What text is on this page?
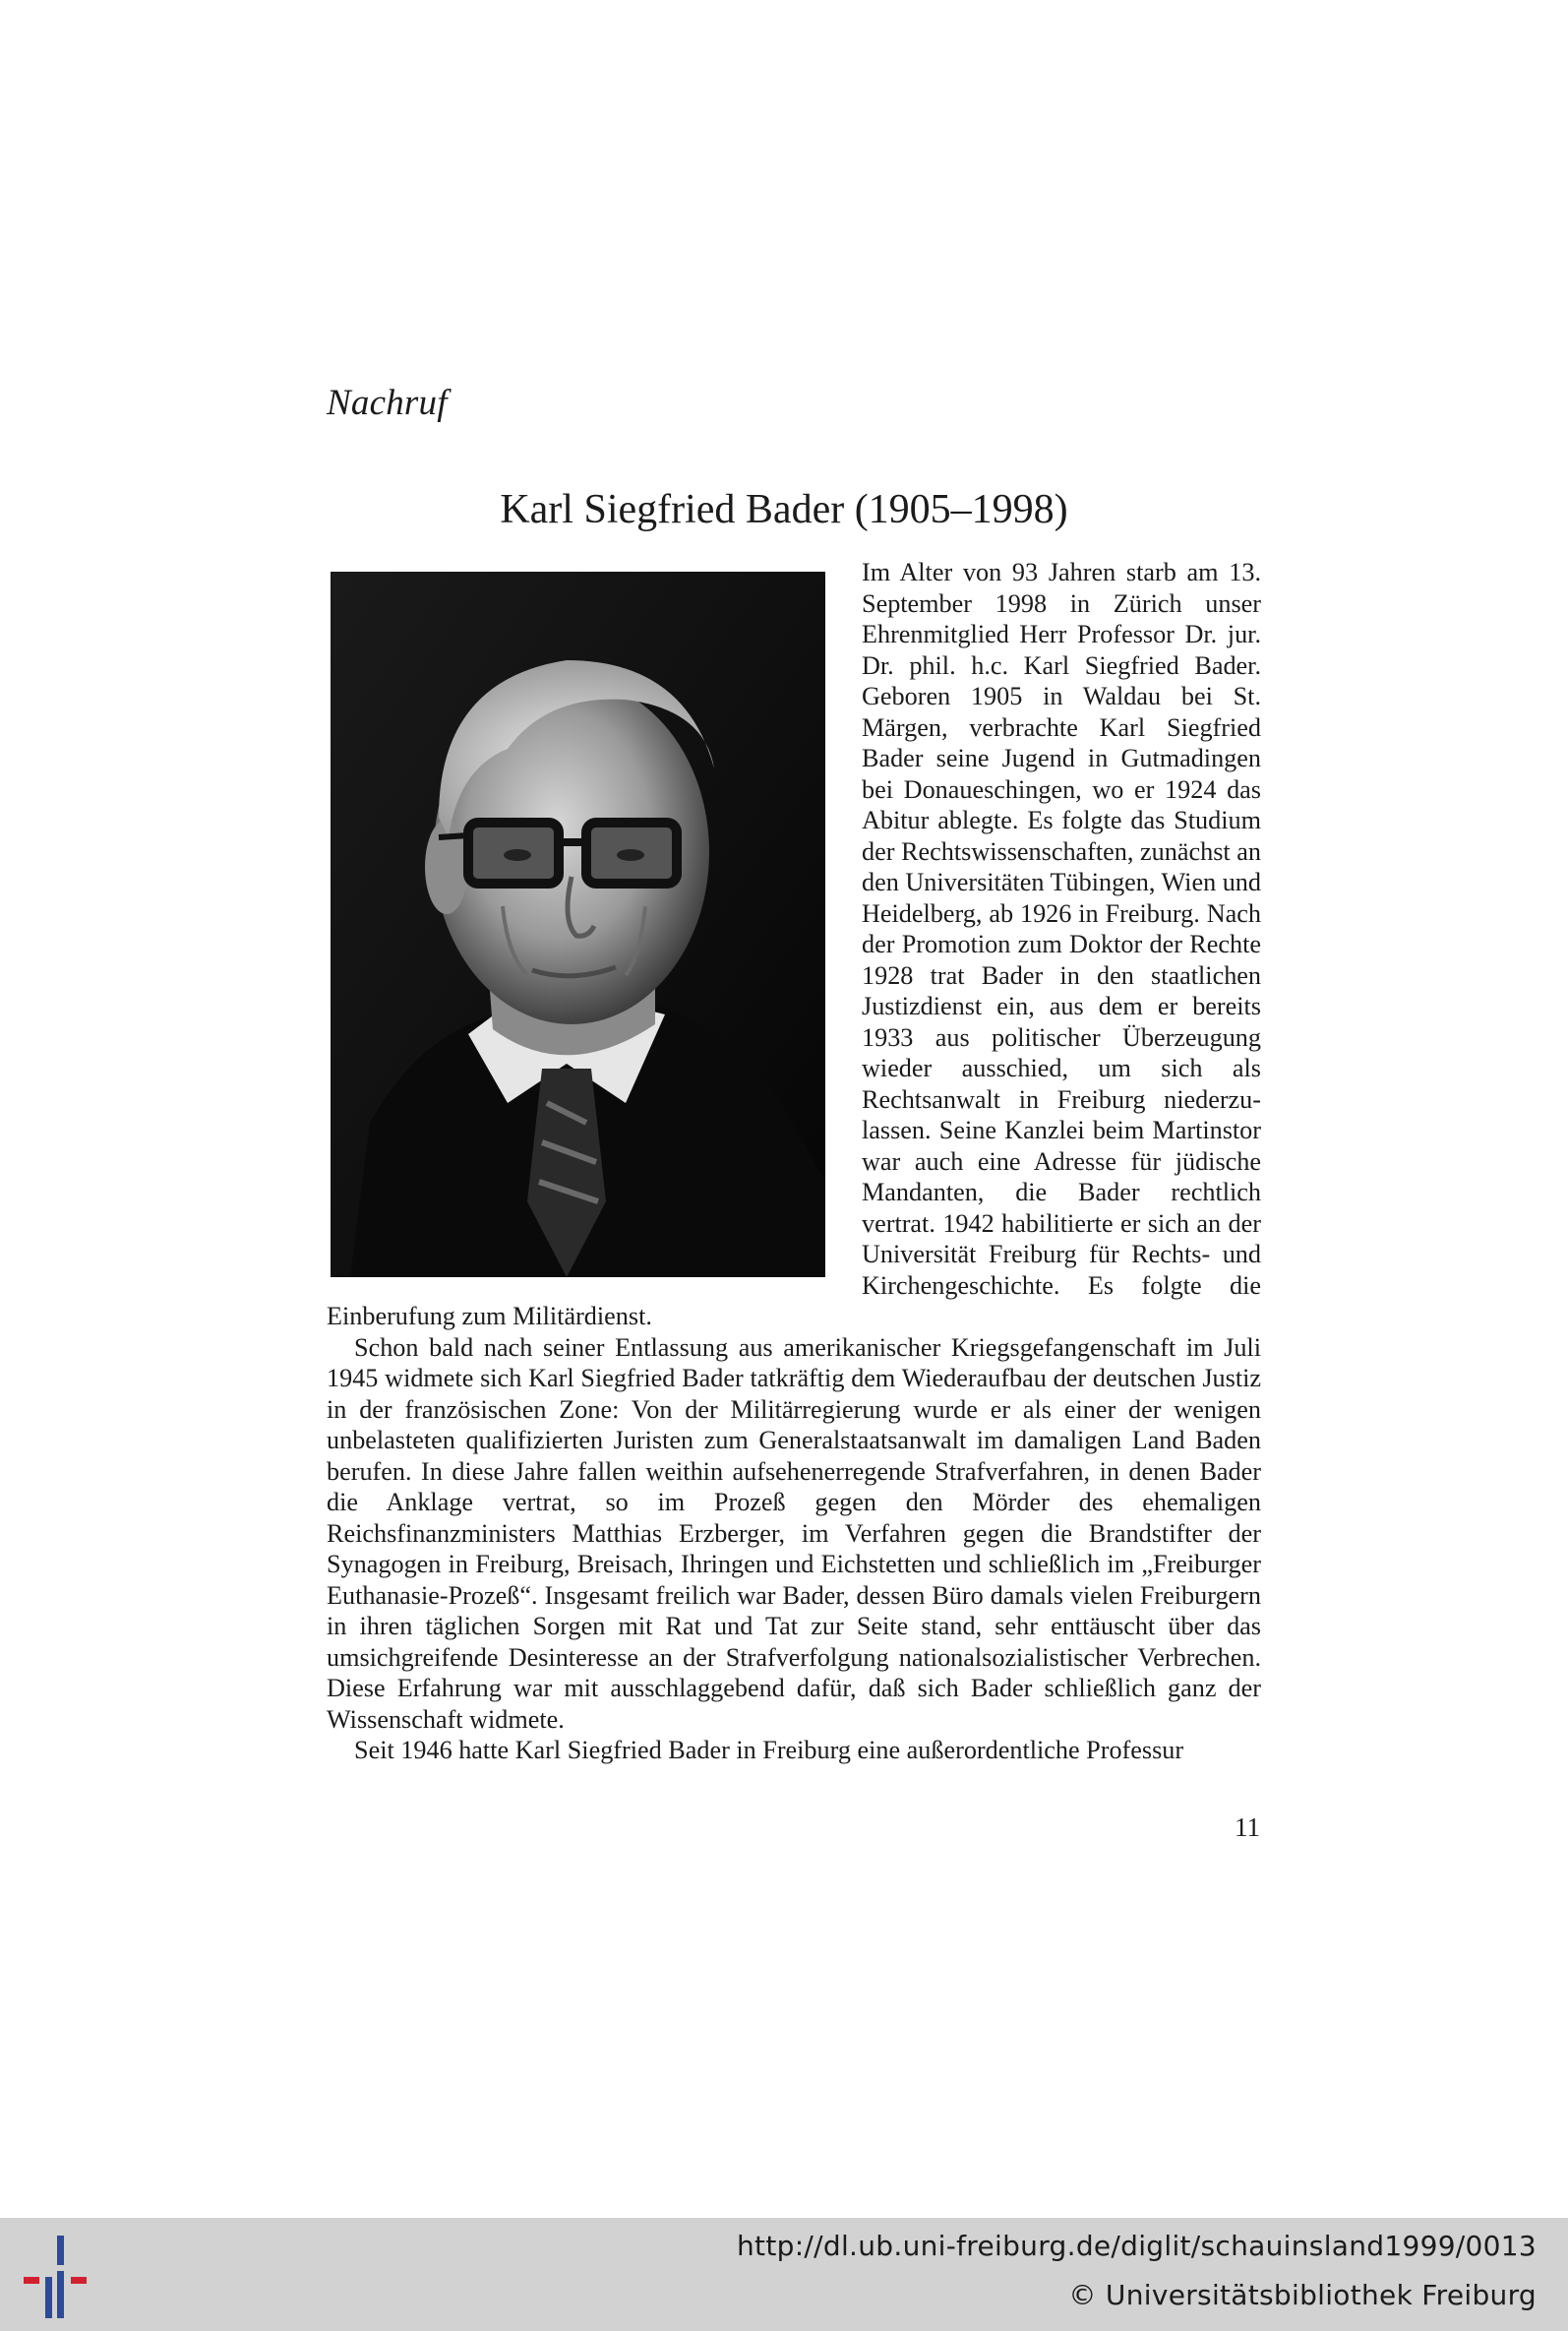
Nachruf
Karl Siegfried Bader (1905–1998)

Im Alter von 93 Jahren starb am 13. September 1998 in Zürich unser Ehrenmitglied Herr Professor Dr. jur. Dr. phil. h.c. Karl Siegfried Bader. Geboren 1905 in Waldau bei St. Märgen, verbrachte Karl Siegfried Bader seine Jugend in Gutmadingen bei Donaueschingen, wo er 1924 das Abitur ablegte. Es folgte das Studium der Rechtswissenschaften, zunächst an den Universitäten Tübingen, Wien und Heidelberg, ab 1926 in Freiburg. Nach der Promotion zum Doktor der Rechte 1928 trat Bader in den staatlichen Justizdienst ein, aus dem er bereits 1933 aus politischer Überzeugung wieder ausschied, um sich als Rechtsanwalt in Freiburg niederzulassen. Seine Kanzlei beim Martinstor war auch eine Adresse für jüdische Mandanten, die Bader rechtlich vertrat. 1942 habilitierte er sich an der Universität Freiburg für Rechts- und Kirchengeschichte. Es folgte die Einberufung zum Militärdienst.

Schon bald nach seiner Entlassung aus amerikanischer Kriegsgefangenschaft im Juli 1945 widmete sich Karl Siegfried Bader tatkräftig dem Wiederaufbau der deutschen Justiz in der französischen Zone: Von der Militärregierung wurde er als einer der wenigen unbelasteten qualifizierten Juristen zum Generalstaatsanwalt im damaligen Land Baden berufen. In diese Jahre fallen weithin aufsehenerregende Strafverfahren, in denen Bader die Anklage vertrat, so im Prozeß gegen den Mörder des ehemaligen Reichsfinanzministers Matthias Erzberger, im Verfahren gegen die Brandstifter der Synagogen in Freiburg, Breisach, Ihringen und Eichstetten und schließlich im „Freiburger Euthanasie-Prozeß“. Insgesamt freilich war Bader, dessen Büro damals vielen Freiburgern in ihren täglichen Sorgen mit Rat und Tat zur Seite stand, sehr enttäuscht über das umsichgreifende Desinteresse an der Strafverfolgung nationalsozialistischer Verbrechen. Diese Erfahrung war mit ausschlaggebend dafür, daß sich Bader schließlich ganz der Wissenschaft widmete.

Seit 1946 hatte Karl Siegfried Bader in Freiburg eine außerordentliche Professur

11
http://dl.ub.uni-freiburg.de/diglit/schauinsland1999/0013
© Universitätsbibliothek Freiburg
